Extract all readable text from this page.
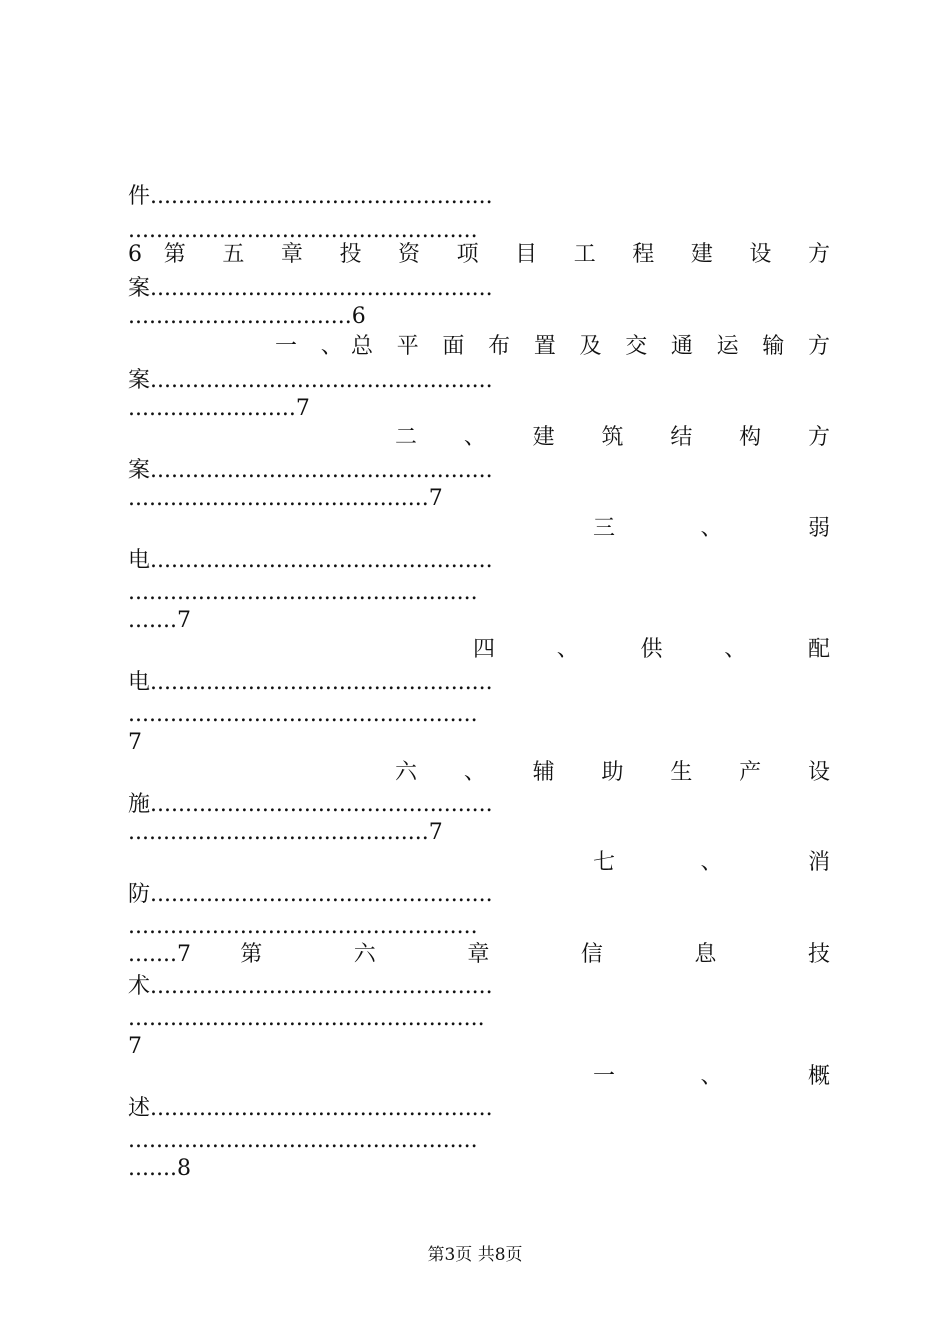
件.................................................
..................................................
6 第 五 章 投 资 项 目 工 程 建 设 方
案.................................................
................................6
一 、总 平 面 布 置 及 交 通 运 输 方
案.................................................
........................7
二 、 建 筑 结 构 方
案.................................................
...........................................7
三 、 弱
电.................................................
..................................................
.......7
四 、 供 、 配
电.................................................
..................................................
7
六 、 辅 助 生 产 设
施.................................................
...........................................7
七 、 消
防.................................................
..................................................
.......7 第 六 章 信 息 技
术.................................................
...................................................
7
一 、 概
述.................................................
..................................................
.......8
第3页 共8页
